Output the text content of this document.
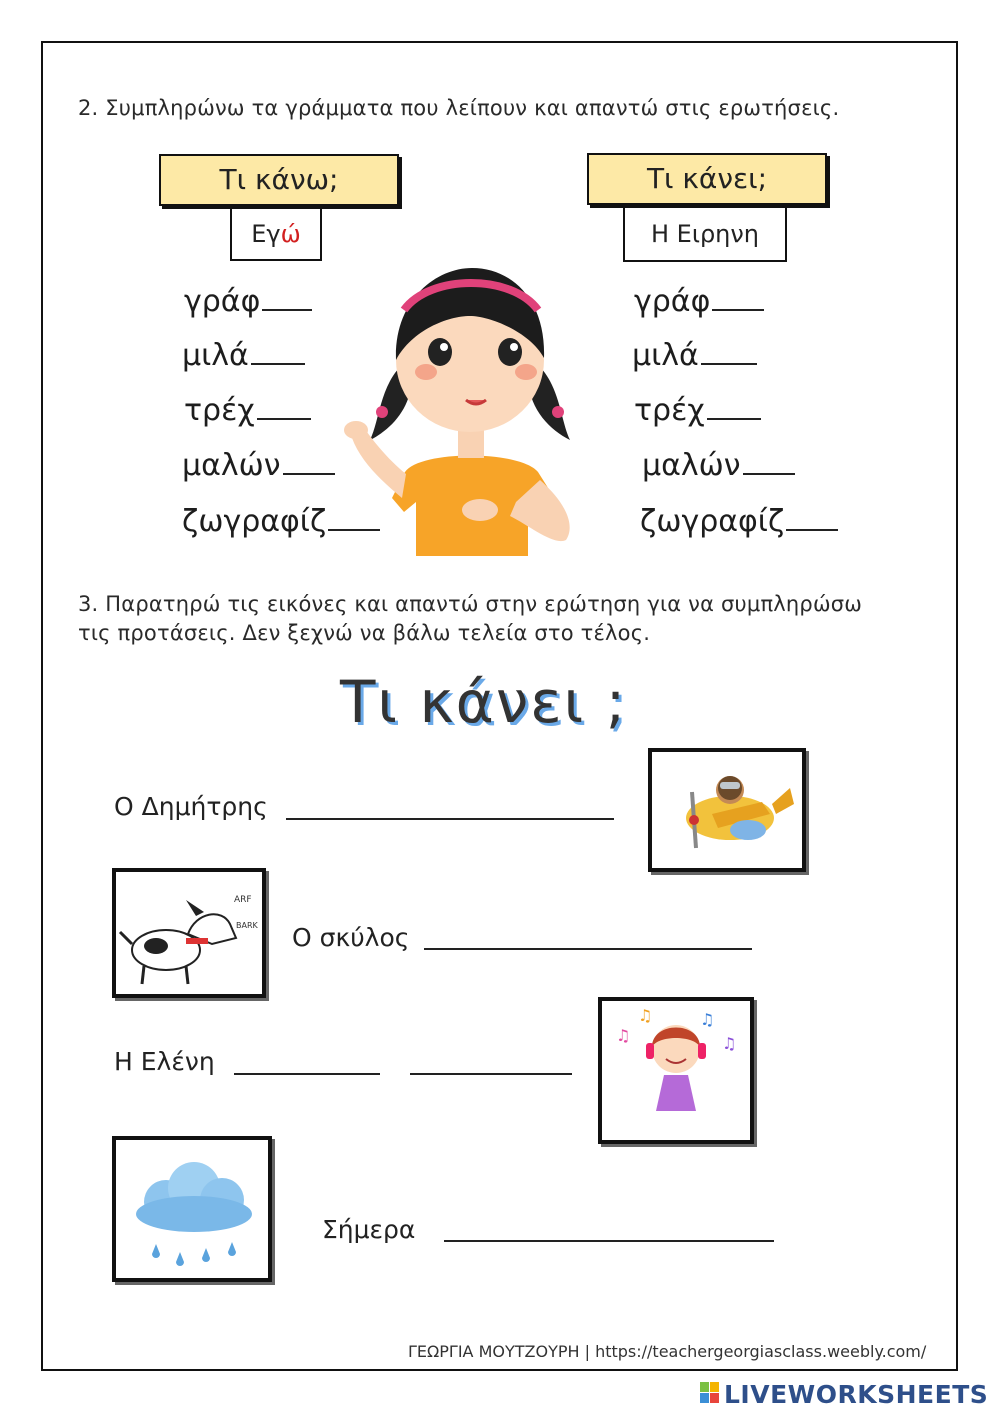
2. Συμπληρώνω τα γράμματα που λείπουν και απαντώ στις ερωτήσεις.
Τι κάνω;
Εγώ
Τι κάνει;
Η Ειρηνη
γράφ
μιλά
τρέχ
μαλών
ζωγραφίζ
γράφ
μιλά
τρέχ
μαλών
ζωγραφίζ
3. Παρατηρώ τις εικόνες και απαντώ στην ερώτηση για να συμπληρώσω
τις προτάσεις. Δεν ξεχνώ να βάλω τελεία στο τέλος.
Τι κάνει ;
Ο Δημήτρης
ARF
BARK Ο σκύλος
Η Ελένη
♫
♫	♫
♫
Σήμερα
ΓΕΩΡΓΙΑ ΜΟΥΤΖΟΥΡΗ | https://teachergeorgiasclass.weebly.com/
LIVEWORKSHEETS
